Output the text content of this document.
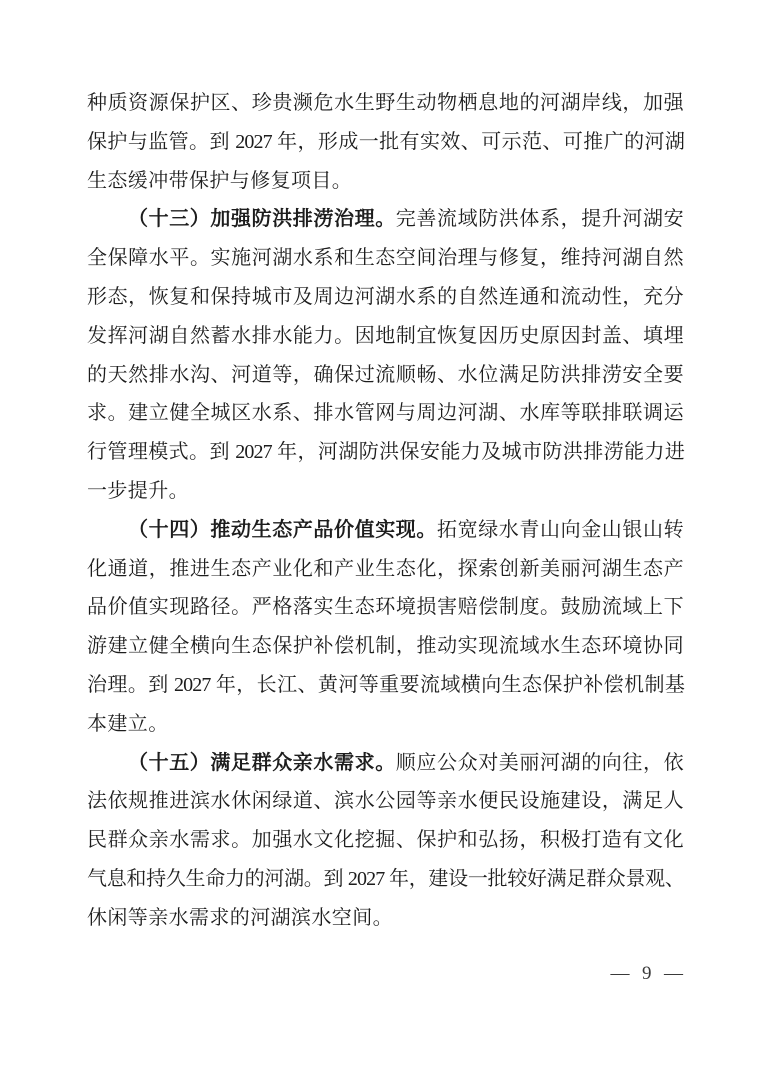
种质资源保护区、珍贵濒危水生野生动物栖息地的河湖岸线，加强
保护与监管。到 2027 年，形成一批有实效、可示范、可推广的河湖
生态缓冲带保护与修复项目。
（十三）加强防洪排涝治理。完善流域防洪体系，提升河湖安
全保障水平。实施河湖水系和生态空间治理与修复，维持河湖自然
形态，恢复和保持城市及周边河湖水系的自然连通和流动性，充分
发挥河湖自然蓄水排水能力。因地制宜恢复因历史原因封盖、填埋
的天然排水沟、河道等，确保过流顺畅、水位满足防洪排涝安全要
求。建立健全城区水系、排水管网与周边河湖、水库等联排联调运
行管理模式。到 2027 年，河湖防洪保安能力及城市防洪排涝能力进
一步提升。
（十四）推动生态产品价值实现。拓宽绿水青山向金山银山转
化通道，推进生态产业化和产业生态化，探索创新美丽河湖生态产
品价值实现路径。严格落实生态环境损害赔偿制度。鼓励流域上下
游建立健全横向生态保护补偿机制，推动实现流域水生态环境协同
治理。到 2027 年，长江、黄河等重要流域横向生态保护补偿机制基
本建立。
（十五）满足群众亲水需求。顺应公众对美丽河湖的向往，依
法依规推进滨水休闲绿道、滨水公园等亲水便民设施建设，满足人
民群众亲水需求。加强水文化挖掘、保护和弘扬，积极打造有文化
气息和持久生命力的河湖。到 2027 年，建设一批较好满足群众景观、
休闲等亲水需求的河湖滨水空间。
—  9  —
